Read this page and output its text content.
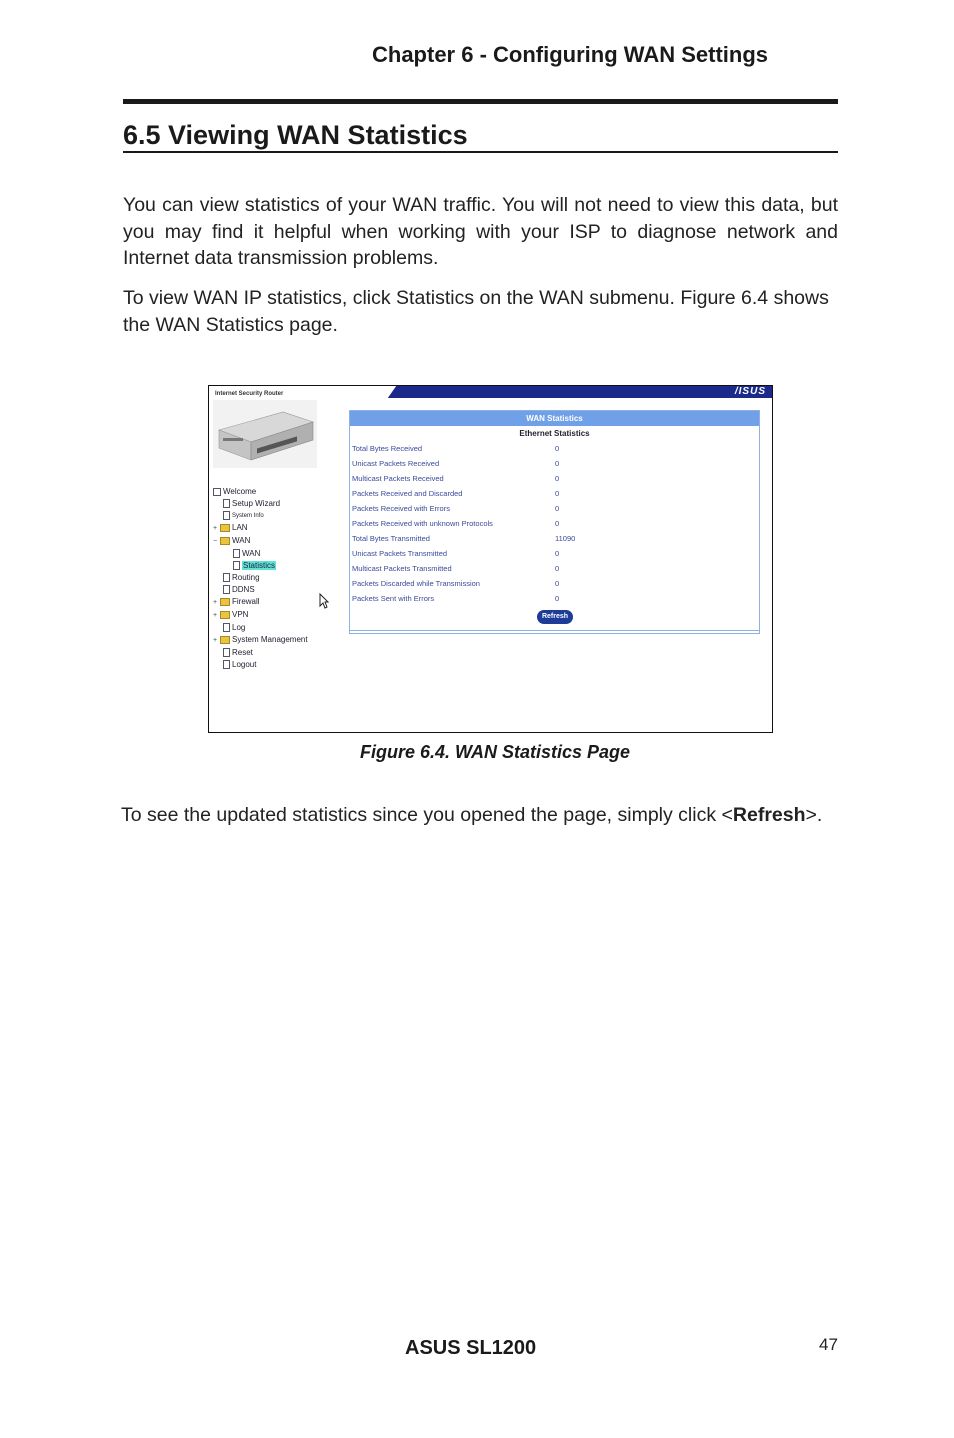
Chapter 6 - Configuring WAN Settings
6.5 Viewing WAN Statistics
You can view statistics of your WAN traffic. You will not need to view this data, but you may find it helpful when working with your ISP to diagnose network and Internet data transmission problems.
To view WAN IP statistics, click Statistics on the WAN submenu. Figure 6.4 shows the WAN Statistics page.
/ISUS
Internet Security Router
Welcome
Setup Wizard
System Info
+ LAN
− WAN
WAN
Statistics
Routing
DDNS
+ Firewall
+ VPN
Log
+ System Management
Reset
Logout
WAN Statistics
Ethernet Statistics
Total Bytes Received	0
Unicast Packets Received	0
Multicast Packets Received	0
Packets Received and Discarded	0
Packets Received with Errors	0
Packets Received with unknown Protocols	0
Total Bytes Transmitted	11090
Unicast Packets Transmitted	0
Multicast Packets Transmitted	0
Packets Discarded while Transmission	0
Packets Sent with Errors	0
Refresh
Figure 6.4. WAN Statistics Page
To see the updated statistics since you opened the page, simply click <Refresh>.
ASUS SL1200	47
